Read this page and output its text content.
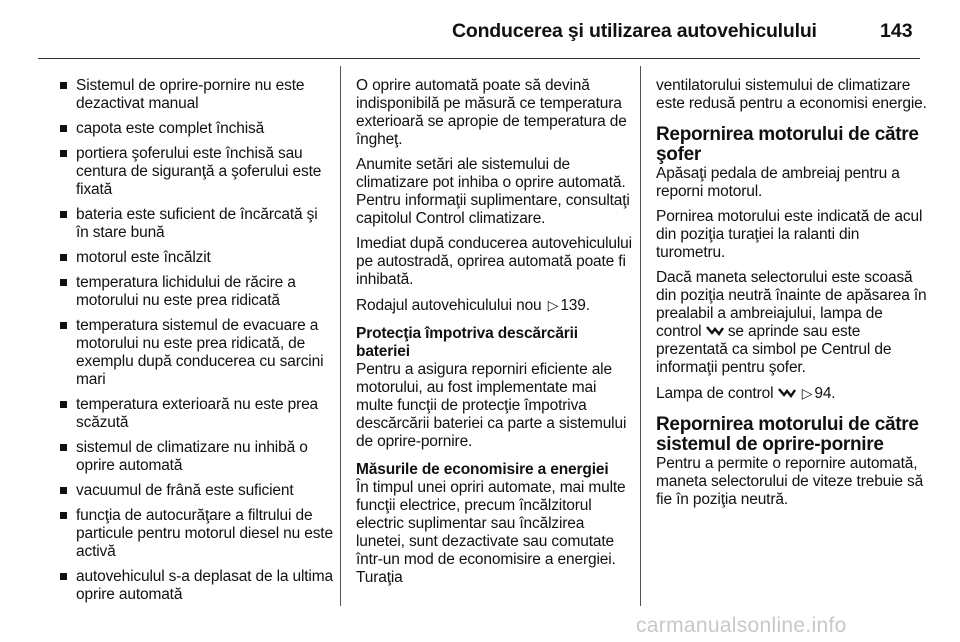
Conducerea şi utilizarea autovehiculului	143
Sistemul de oprire-pornire nu este dezactivat manual
capota este complet închisă
portiera şoferului este închisă sau centura de siguranţă a şoferului este fixată
bateria este suficient de încărcată şi în stare bună
motorul este încălzit
temperatura lichidului de răcire a motorului nu este prea ridicată
temperatura sistemul de evacuare a motorului nu este prea ridicată, de exemplu după conducerea cu sarcini mari
temperatura exterioară nu este prea scăzută
sistemul de climatizare nu inhibă o oprire automată
vacuumul de frână este suficient
funcţia de autocurăţare a filtrului de particule pentru motorul diesel nu este activă
autovehiculul s-a deplasat de la ultima oprire automată

O oprire automată poate să devină indisponibilă pe măsură ce temperatura exterioară se apropie de temperatura de îngheţ.

Anumite setări ale sistemului de climatizare pot inhiba o oprire automată. Pentru informaţii suplimentare, consultaţi capitolul Control climatizare.

Imediat după conducerea autovehiculului pe autostradă, oprirea automată poate fi inhibată.

Rodajul autovehiculului nou ▷ 139.

Protecţia împotriva descărcării bateriei

Pentru a asigura reporniri eficiente ale motorului, au fost implementate mai multe funcţii de protecţie împotriva descărcării bateriei ca parte a sistemului de oprire-pornire.

Măsurile de economisire a energiei

În timpul unei opriri automate, mai multe funcţii electrice, precum încălzitorul electric suplimentar sau încălzirea lunetei, sunt dezactivate sau comutate într-un mod de economisire a energiei. Turaţia

ventilatorului sistemului de climatizare este redusă pentru a economisi energie.

Repornirea motorului de către şofer

Apăsaţi pedala de ambreiaj pentru a reporni motorul.

Pornirea motorului este indicată de acul din poziţia turaţiei la ralanti din turometru.

Dacă maneta selectorului este scoasă din poziţia neutră înainte de apăsarea în prealabil a ambreiajului, lampa de control se aprinde sau este prezentată ca simbol pe Centrul de informaţii pentru şofer.

Lampa de control ▷ 94.

Repornirea motorului de către sistemul de oprire-pornire

Pentru a permite o repornire automată, maneta selectorului de viteze trebuie să fie în poziţia neutră.

carmanualsonline.info
